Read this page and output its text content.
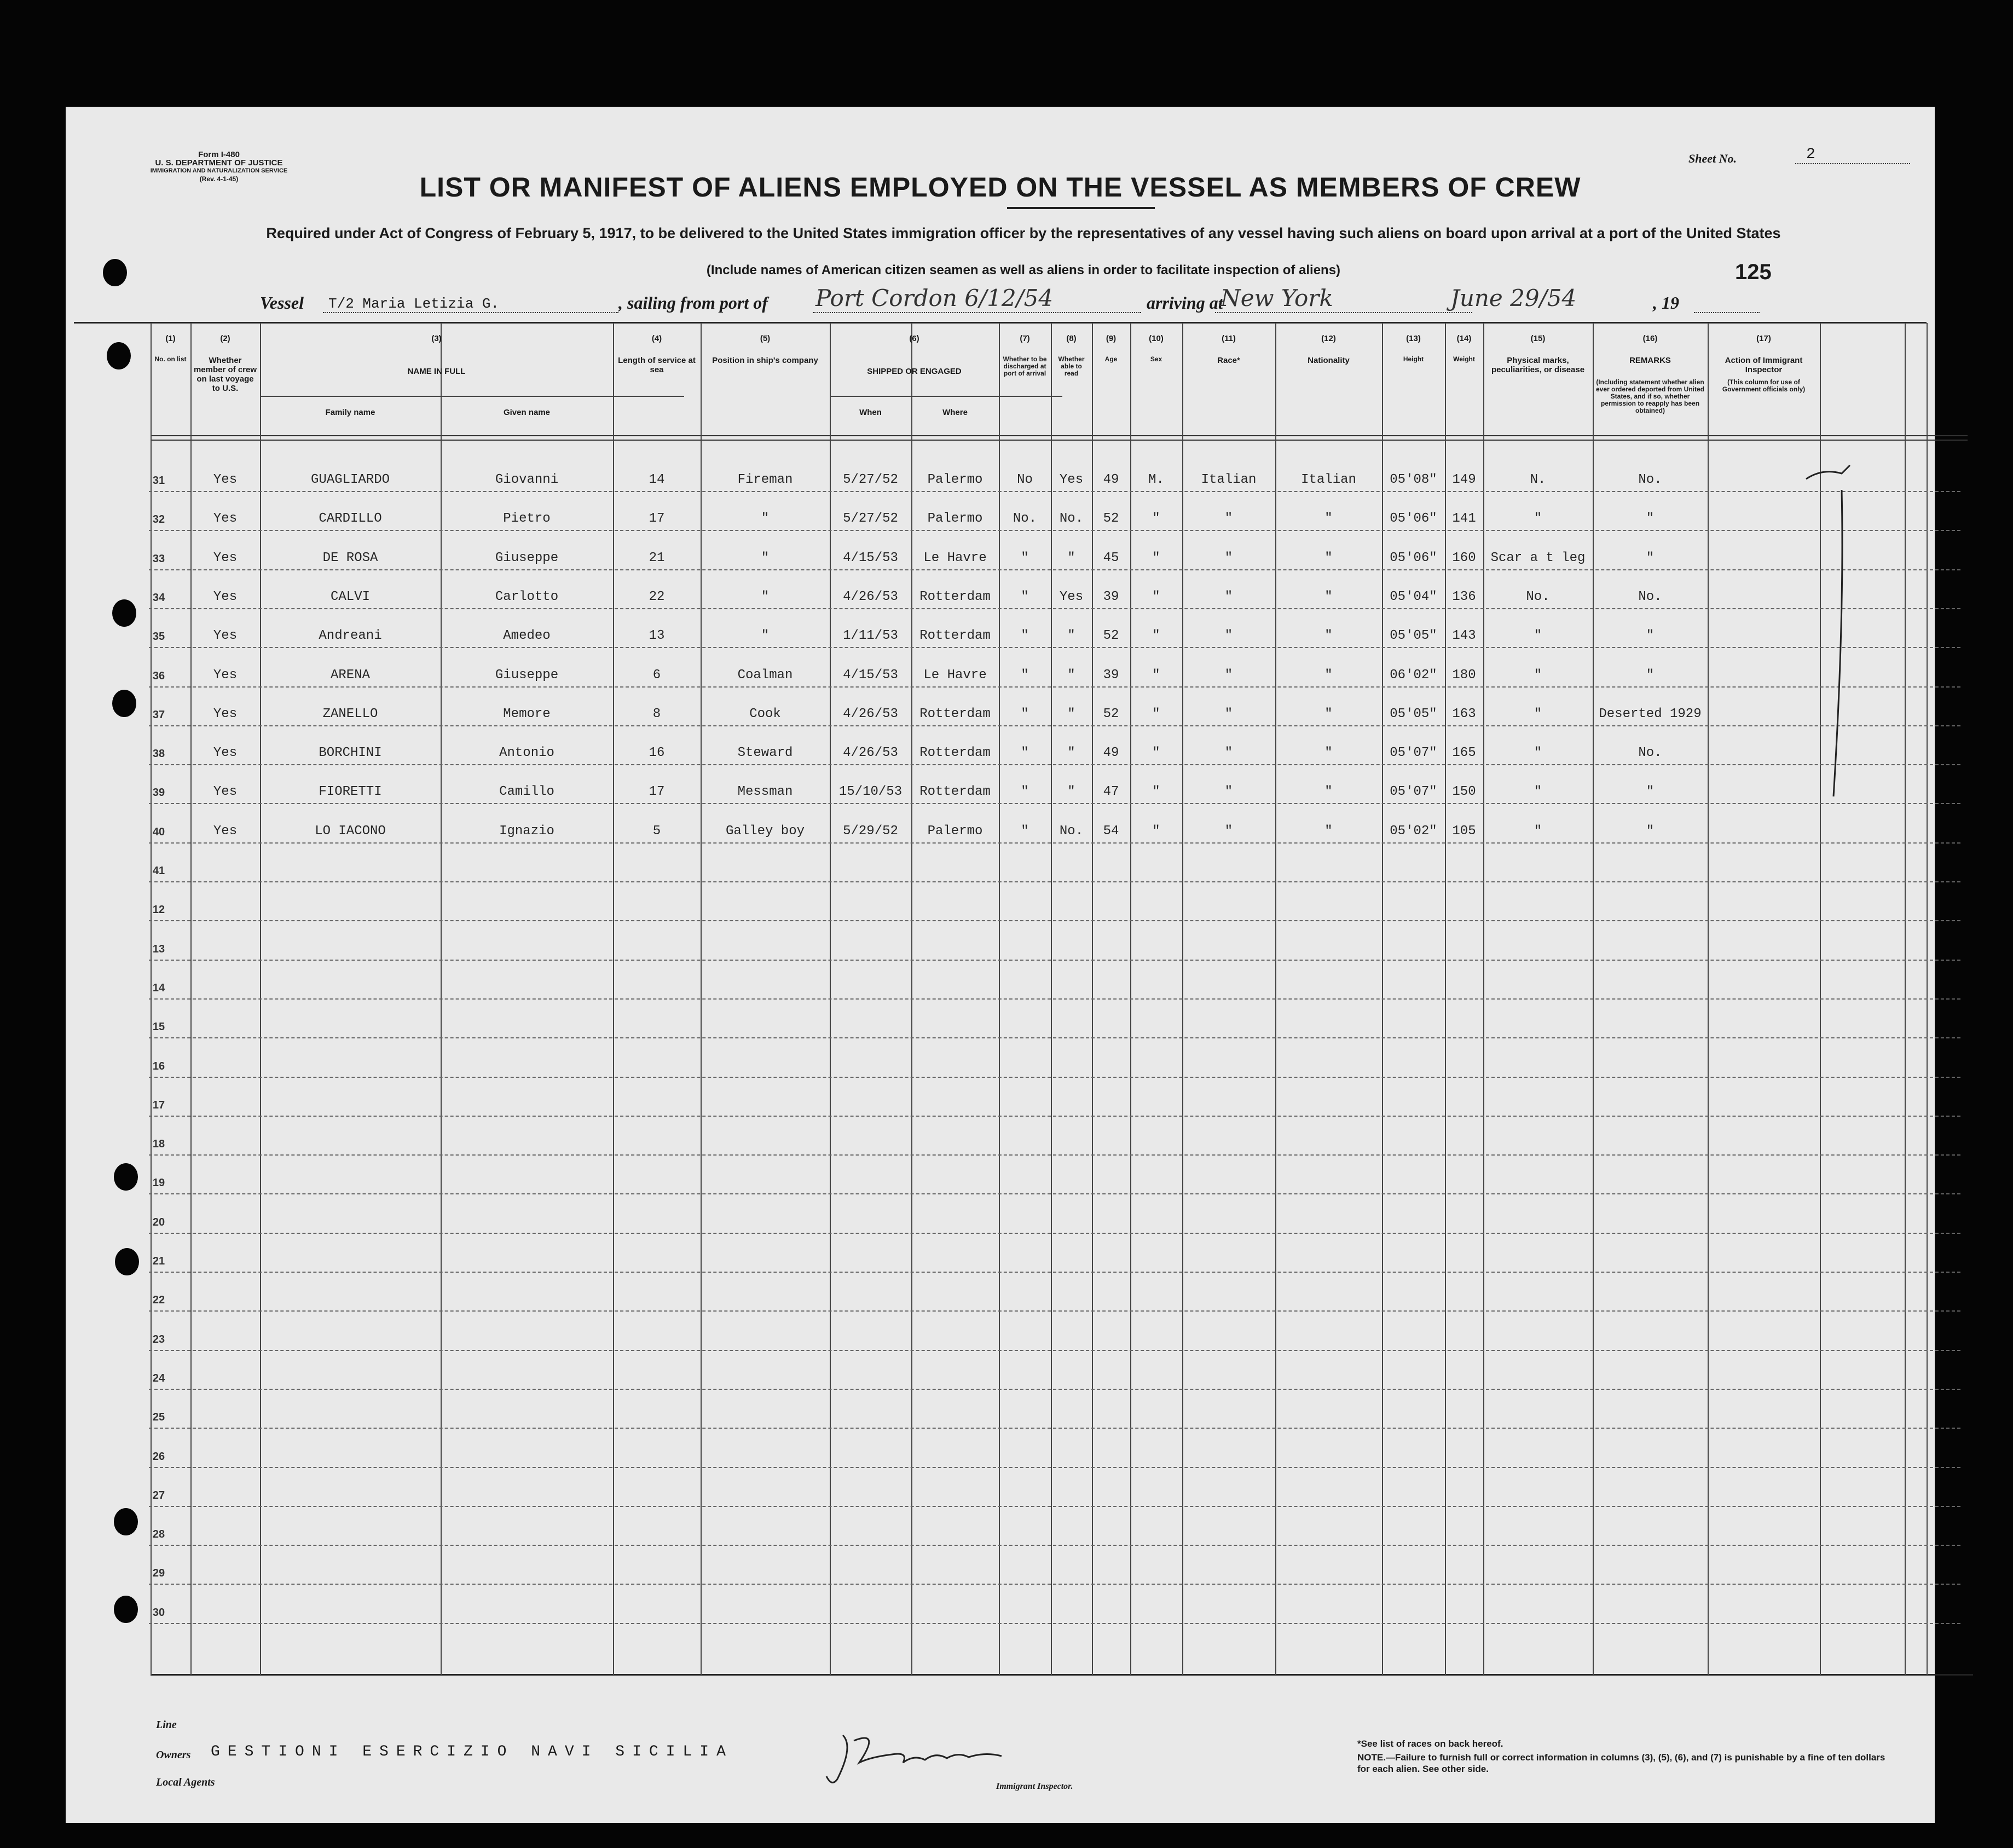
Form I-480
U. S. DEPARTMENT OF JUSTICE
IMMIGRATION AND NATURALIZATION SERVICE
(Rev. 4-1-45)
Sheet No.	2
LIST OR MANIFEST OF ALIENS EMPLOYED ON THE VESSEL AS MEMBERS OF CREW
Required under Act of Congress of February 5, 1917, to be delivered to the United States immigration officer by the representatives of any vessel having such aliens on board upon arrival at a port of the United States
(Include names of American citizen seamen as well as aliens in order to facilitate inspection of aliens)	125
Vessel T/2 Maria Letizia G.	, sailing from port of Port Cordon 6/12/54	arriving at
New York	June 29/54	, 19
(1)
No. on list
(2)
Whether member of crew on last voyage to U.S.
(3)
NAME IN FULL
Family name	Given name
(4)
Length of service at sea
(5)
Position in ship's company
(6)
SHIPPED OR ENGAGED
When	Where
(7)
Whether to be discharged at port of arrival
(8)
Whether able to read
(9)
Age
(10)
Sex
(11)
Race*
(12)
Nationality
(13)
Height
(14)
Weight
(15)
Physical marks, peculiarities, or disease
(16)
REMARKS
(Including statement whether alien ever ordered deported from United States, and if so, whether permission to reapply has been obtained)
(17)
Action of Immigrant Inspector
(This column for use of Government officials only)
31	Yes	GUAGLIARDO	Giovanni	14	Fireman	5/27/52	Palermo	No	Yes	49	M.	Italian	Italian	05'08"	149	N.	No.
32	Yes	CARDILLO	Pietro	17	"	5/27/52	Palermo	No.	No.	52	"	"	"	05'06"	141	"	"
33	Yes	DE ROSA	Giuseppe	21	"	4/15/53	Le Havre	"	"	45	"	"	"	05'06"	160	Scar a t leg	"
34	Yes	CALVI	Carlotto	22	"	4/26/53	Rotterdam	"	Yes	39	"	"	"	05'04"	136	No.	No.
35	Yes	Andreani	Amedeo	13	"	1/11/53	Rotterdam	"	"	52	"	"	"	05'05"	143	"	"
36	Yes	ARENA	Giuseppe	6	Coalman	4/15/53	Le Havre	"	"	39	"	"	"	06'02"	180	"	"
37	Yes	ZANELLO	Memore	8	Cook	4/26/53	Rotterdam	"	"	52	"	"	"	05'05"	163	"	Deserted 1929
38	Yes	BORCHINI	Antonio	16	Steward	4/26/53	Rotterdam	"	"	49	"	"	"	05'07"	165	"	No.
39	Yes	FIORETTI	Camillo	17	Messman	15/10/53	Rotterdam	"	"	47	"	"	"	05'07"	150	"	"
40	Yes	LO IACONO	Ignazio	5	Galley boy	5/29/52	Palermo	"	No.	54	"	"	"	05'02"	105	"	"
41
12
13
14
15
16
17
18
19
20
21
22
23
24
25
26
27
28
29
30
Line
Owners GESTIONI ESERCIZIO NAVI SICILIA
Local Agents	Immigrant Inspector.
*See list of races on back hereof.
NOTE.—Failure to furnish full or correct information in columns (3), (5), (6), and (7) is punishable by a fine of ten dollars for each alien. See other side.
